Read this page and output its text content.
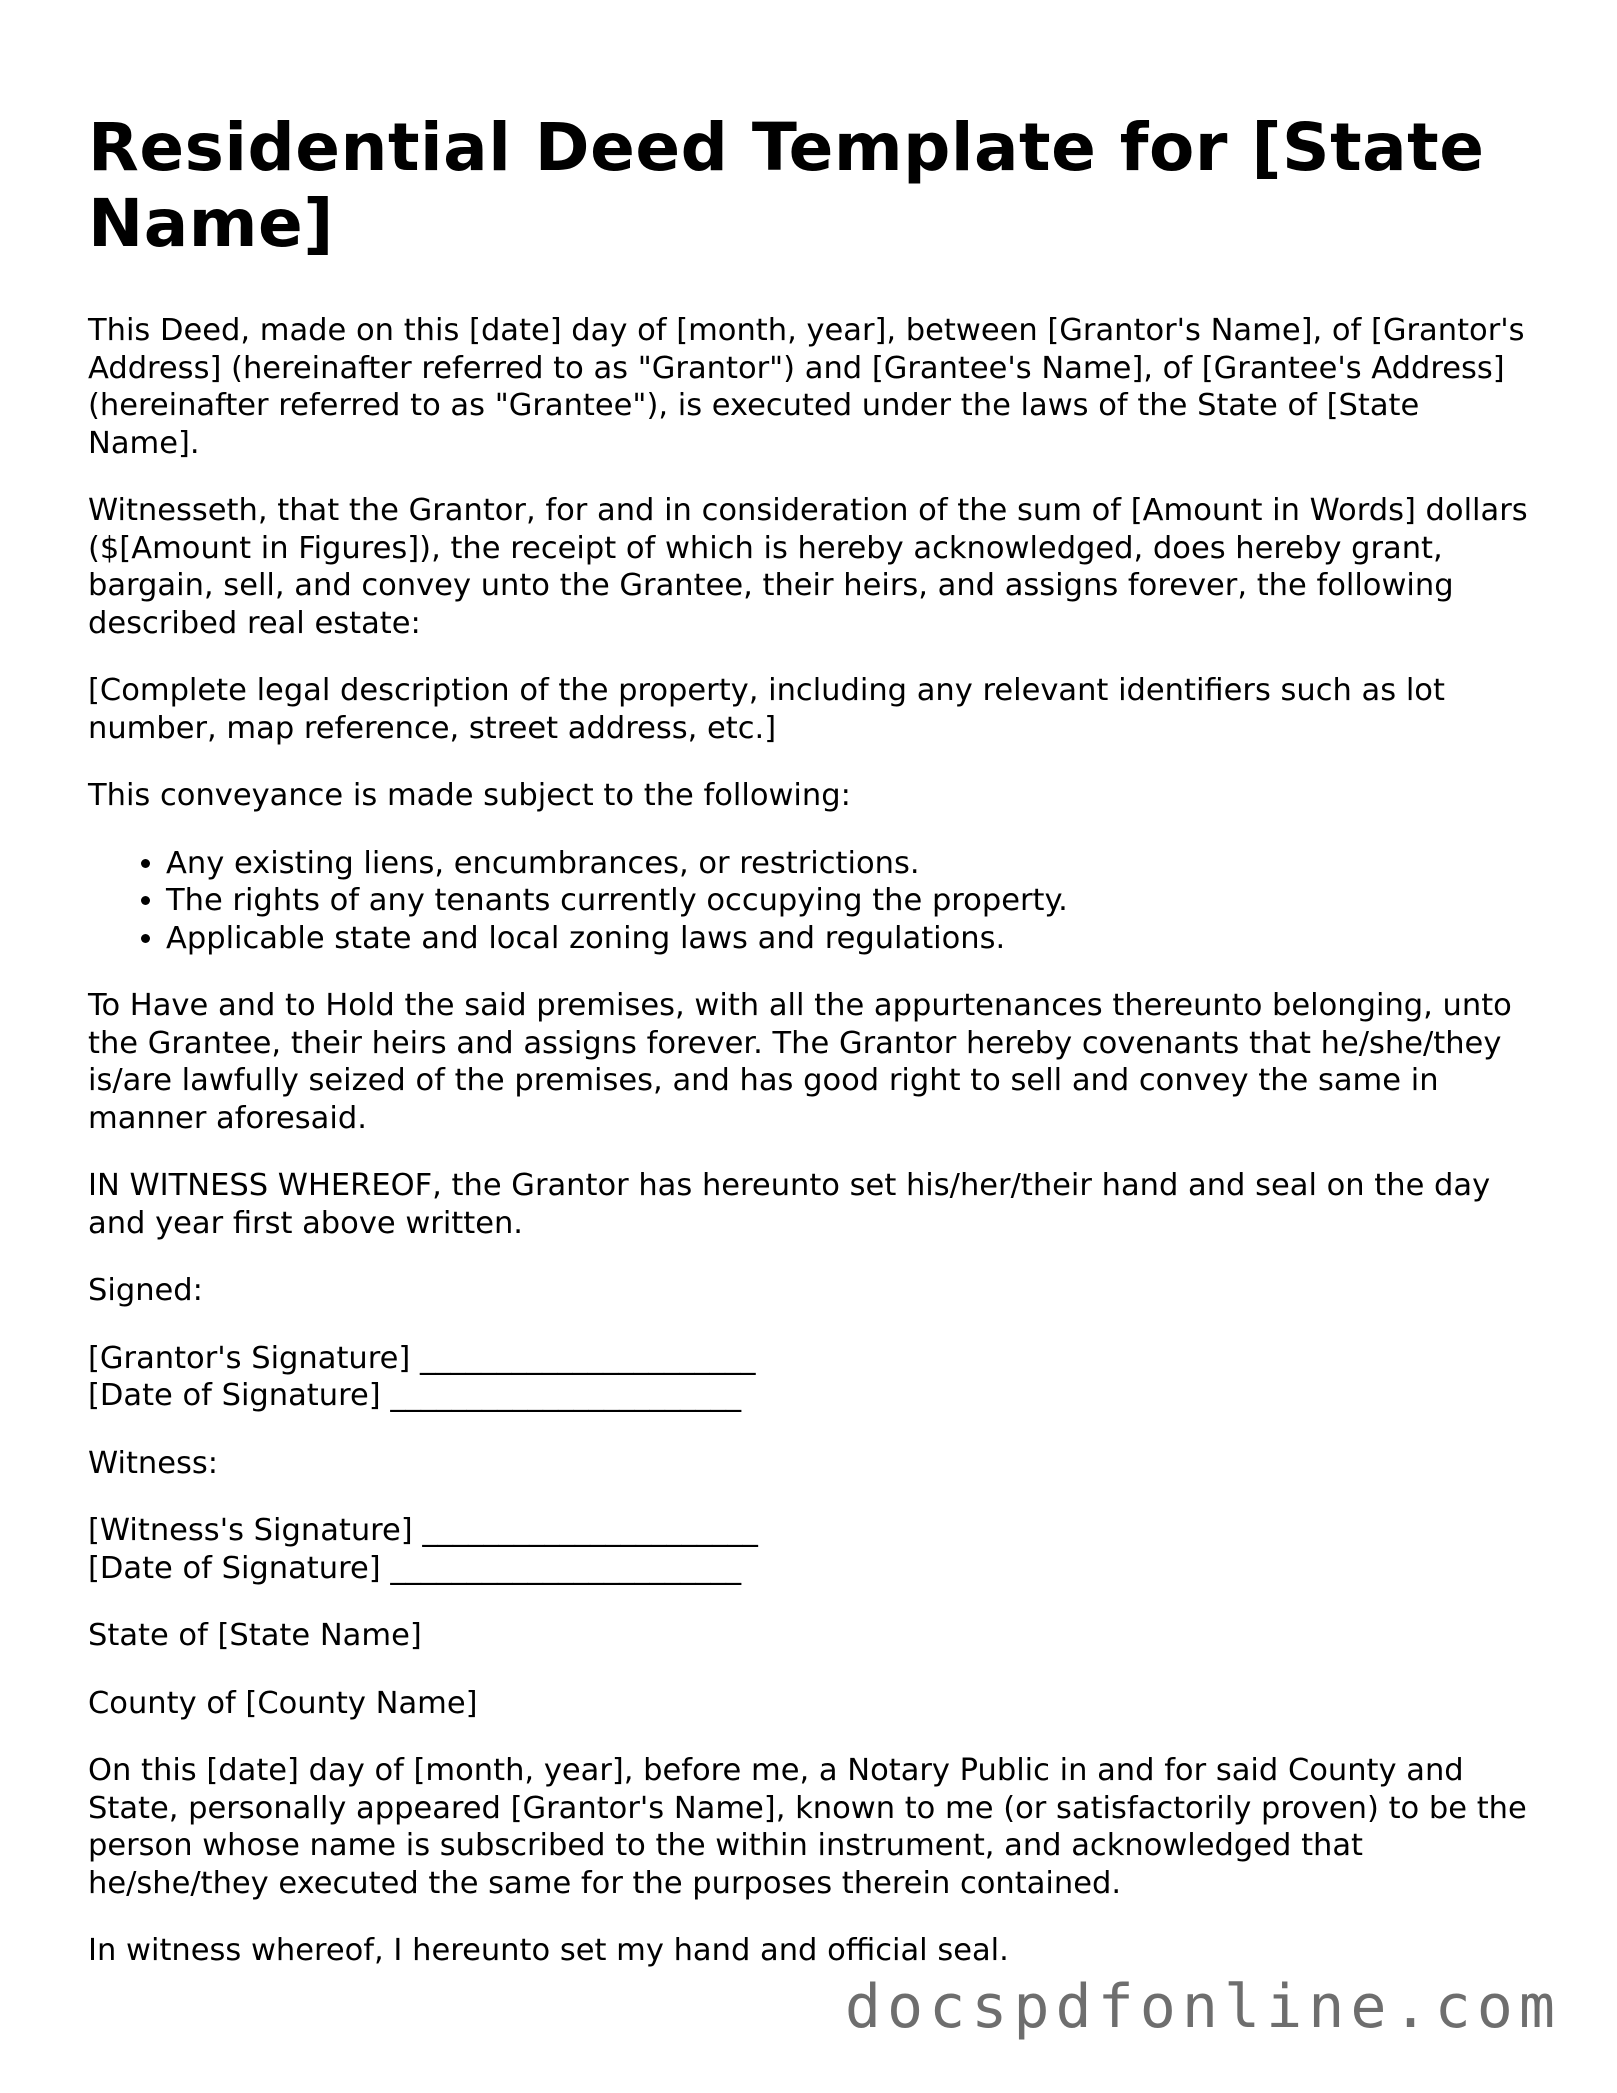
Residential Deed Template for [State Name]

This Deed, made on this [date] day of [month, year], between [Grantor's Name], of [Grantor's Address] (hereinafter referred to as "Grantor") and [Grantee's Name], of [Grantee's Address] (hereinafter referred to as "Grantee"), is executed under the laws of the State of [State Name].

Witnesseth, that the Grantor, for and in consideration of the sum of [Amount in Words] dollars ($[Amount in Figures]), the receipt of which is hereby acknowledged, does hereby grant, bargain, sell, and convey unto the Grantee, their heirs, and assigns forever, the following described real estate:

[Complete legal description of the property, including any relevant identifiers such as lot number, map reference, street address, etc.]

This conveyance is made subject to the following:

• Any existing liens, encumbrances, or restrictions.
• The rights of any tenants currently occupying the property.
• Applicable state and local zoning laws and regulations.

To Have and to Hold the said premises, with all the appurtenances thereunto belonging, unto the Grantee, their heirs and assigns forever. The Grantor hereby covenants that he/she/they is/are lawfully seized of the premises, and has good right to sell and convey the same in manner aforesaid.

IN WITNESS WHEREOF, the Grantor has hereunto set his/her/their hand and seal on the day and year first above written.

Signed:

[Grantor's Signature] ______________________
[Date of Signature] _______________________

Witness:

[Witness's Signature] ______________________
[Date of Signature] _______________________

State of [State Name]

County of [County Name]

On this [date] day of [month, year], before me, a Notary Public in and for said County and State, personally appeared [Grantor's Name], known to me (or satisfactorily proven) to be the person whose name is subscribed to the within instrument, and acknowledged that he/she/they executed the same for the purposes therein contained.

In witness whereof, I hereunto set my hand and official seal.

docspdfonline.com
